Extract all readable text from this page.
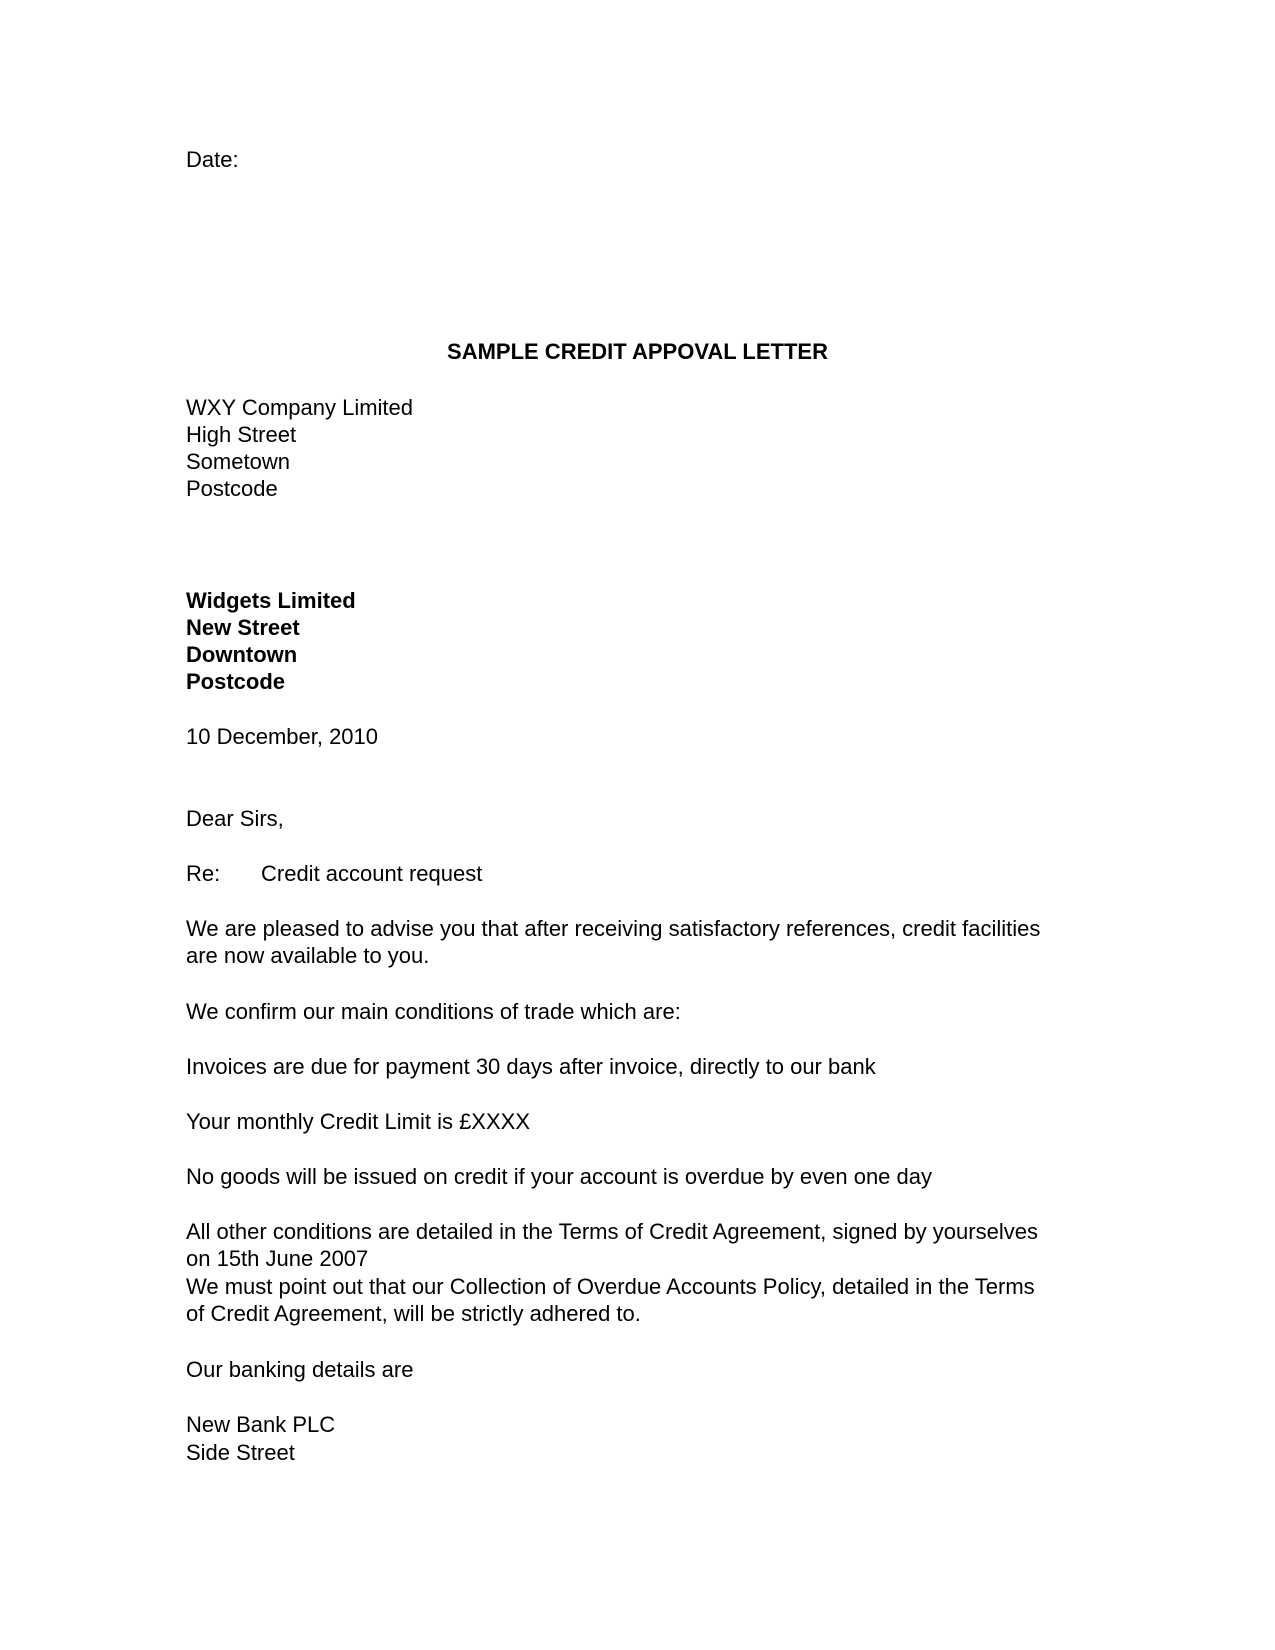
Date:
SAMPLE CREDIT APPOVAL LETTER
WXY Company Limited
High Street
Sometown
Postcode
Widgets Limited
New Street
Downtown
Postcode
10 December, 2010
Dear Sirs,
Re: Credit account request
We are pleased to advise you that after receiving satisfactory references, credit facilities
are now available to you.
We confirm our main conditions of trade which are:
Invoices are due for payment 30 days after invoice, directly to our bank
Your monthly Credit Limit is £XXXX
No goods will be issued on credit if your account is overdue by even one day
All other conditions are detailed in the Terms of Credit Agreement, signed by yourselves
on 15th June 2007
We must point out that our Collection of Overdue Accounts Policy, detailed in the Terms
of Credit Agreement, will be strictly adhered to.
Our banking details are
New Bank PLC
Side Street
